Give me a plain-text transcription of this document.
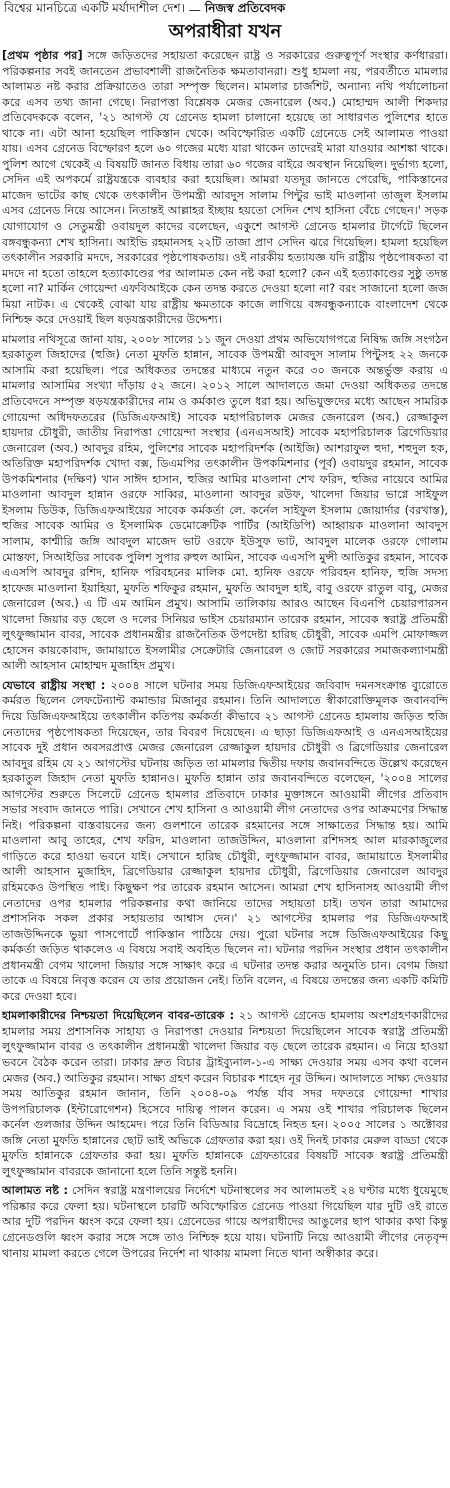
বিশ্বের মানচিত্রে একটি মর্যাদাশীল দেশ। — নিজস্ব প্রতিবেদক
অপরাধীরা যখন

[প্রথম পৃষ্ঠার পর] সঙ্গে জড়িতদের সহায়তা করেছেন রাষ্ট্র ও সরকারের গুরুত্বপূর্ণ সংস্থার কর্ণধাররা। পরিকল্পনার সবই জানতেন প্রভাবশালী রাজনৈতিক ক্ষমতাবানরা। শুধু হামলা নয়, পরবর্তীতে মামলার আলামত নষ্ট করার প্রক্রিয়াতেও তারা সম্পৃক্ত ছিলেন। মামলার চার্জশিট, অন্যান্য নথি পর্যালোচনা করে এসব তথ্য জানা গেছে। নিরাপত্তা বিশ্লেষক মেজর জেনারেল (অব.) মোহাম্মদ আলী শিকদার প্রতিবেদককে বলেন, '২১ আগস্ট যে গ্রেনেড হামলা চালানো হয়েছে তা সাধারণত পুলিশের হাতে থাকে না। এটা আনা হয়েছিল পাকিস্তান থেকে। অবিস্ফোরিত একটি গ্রেনেডে সেই আলামত পাওয়া যায়। এসব গ্রেনেড বিস্ফোরণ হলে ৬০ গজের মধ্যে যারা থাকেন তাদেরই মারা যাওয়ার আশঙ্কা থাকে। পুলিশ আগে থেকেই এ বিষয়টি জানত বিধায় তারা ৬০ গজের বাইরে অবস্থান নিয়েছিল। দুর্ভাগ্য হলো, সেদিন এই অপকর্মে রাষ্ট্রযন্ত্রকে ব্যবহার করা হয়েছিল। আমরা যতদূর জানতে পেরেছি, পাকিস্তানের মাজেদ ভাটের কাছ থেকে তৎকালীন উপমন্ত্রী আবদুস সালাম পিন্টুর ভাই মাওলানা তাজুল ইসলাম এসব গ্রেনেড নিয়ে আসেন। নিতান্তই আল্লাহর ইচ্ছায় হয়তো সেদিন শেখ হাসিনা বেঁচে গেছেন।' সড়ক যোগাযোগ ও সেতুমন্ত্রী ওবায়দুল কাদের বলেছেন, একুশে আগস্ট গ্রেনেড হামলার টার্গেটে ছিলেন বঙ্গবন্ধুকন্যা শেখ হাসিনা। আইভি রহমানসহ ২২টি তাজা প্রাণ সেদিন ঝরে গিয়েছিল। হামলা হয়েছিল তৎকালীন সরকারি মদদে, সরকারের পৃষ্ঠপোষকতায়। ওই নারকীয় হত্যাযজ্ঞ যদি রাষ্ট্রীয় পৃষ্ঠপোষকতা বা মদদে না হতো তাহলে হত্যাকাণ্ডের পর আলামত কেন নষ্ট করা হলো? কেন এই হত্যাকাণ্ডের সুষ্ঠু তদন্ত হলো না? মার্কিন গোয়েন্দা এফবিআইকে কেন তদন্ত করতে দেওয়া হলো না? বরং সাজানো হলো জজ মিয়া নাটক। এ থেকেই বোঝা যায় রাষ্ট্রীয় ক্ষমতাকে কাজে লাগিয়ে বঙ্গবন্ধুকন্যাকে বাংলাদেশ থেকে নিশ্চিহ্ন করে দেওয়াই ছিল ষড়যন্ত্রকারীদের উদ্দেশ্য।

মামলার নথিসূত্রে জানা যায়, ২০০৮ সালের ১১ জুন দেওয়া প্রথম অভিযোগপত্রে নিষিদ্ধ জঙ্গি সংগঠন হরকাতুল জিহাদের (হুজি) নেতা মুফতি হান্নান, সাবেক উপমন্ত্রী আবদুস সালাম পিন্টুসহ ২২ জনকে আসামি করা হয়েছিল। পরে অধিকতর তদন্তের মাধ্যমে নতুন করে ৩০ জনকে অন্তর্ভুক্ত করায় এ মামলার আসামির সংখ্যা দাঁড়ায় ৫২ জনে। ২০১২ সালে আদালতে জমা দেওয়া অধিকতর তদন্তে প্রতিবেদনে সম্পৃক্ত ষড়যন্ত্রকারীদের নাম ও কর্মকাণ্ড তুলে ধরা হয়। অভিযুক্তদের মধ্যে আছেন সামরিক গোয়েন্দা অধিদফতরের (ডিজিএফআই) সাবেক মহাপরিচালক মেজর জেনারেল (অব.) রেজ্জাকুল হায়দার চৌধুরী, জাতীয় নিরাপত্তা গোয়েন্দা সংস্থার (এনএসআই) সাবেক মহাপরিচালক ব্রিগেডিয়ার জেনারেল (অব.) আবদুর রহিম, পুলিশের সাবেক মহাপরিদর্শক (আইজি) আশরাফুল হুদা, শহুদুল হক, অতিরিক্ত মহাপরিদর্শক খোদা বক্স, ডিএমপির তৎকালীন উপকমিশনার (পূর্ব) ওবায়দুর রহমান, সাবেক উপকমিশনার (দক্ষিণ) খান সাঈদ হাসান, হুজির আমির মাওলানা শেখ ফরিদ, হুজির নায়েবে আমির মাওলানা আবদুল হান্নান ওরফে সাব্বির, মাওলানা আবদুর রউফ, খালেদা জিয়ার ভাগ্নে সাইফুল ইসলাম ডিউক, ডিজিএফআইয়ের সাবেক কর্মকর্তা লে. কর্নেল সাইফুল ইসলাম জোয়ার্দার (বরখাস্ত), হুজির সাবেক আমির ও ইসলামিক ডেমোক্রেটিক পার্টির (আইডিপি) আহ্বায়ক মাওলানা আবদুস সালাম, কাশ্মীরি জঙ্গি আবদুল মাজেদ ভাট ওরফে ইউসুফ ভাট, আবদুল মালেক ওরফে গোলাম মোস্তফা, সিআইডির সাবেক পুলিশ সুপার রুহুল আমিন, সাবেক এএসপি মুন্সী আতিকুর রহমান, সাবেক এএসপি আবদুর রশিদ, হানিফ পরিবহনের মালিক মো. হানিফ ওরফে পরিবহন হানিফ, হুজি সদস্য হাফেজ মাওলানা ইয়াহিয়া, মুফতি শফিকুর রহমান, মুফতি আবদুল হাই, বাবু ওরফে রাতুল বাবু, মেজর জেনারেল (অব.) এ টি এম আমিন প্রমুখ। আসামি তালিকায় আরও আছেন বিএনপি চেয়ারপারসন খালেদা জিয়ার বড় ছেলে ও দলের সিনিয়র ভাইস চেয়ারম্যান তারেক রহমান, সাবেক স্বরাষ্ট্র প্রতিমন্ত্রী লুৎফুজ্জামান বাবর, সাবেক প্রধানমন্ত্রীর রাজনৈতিক উপদেষ্টা হারিছ চৌধুরী, সাবেক এমপি মোফাজ্জল হোসেন কায়কোবাদ, জামায়াতে ইসলামীর সেক্রেটারি জেনারেল ও জোট সরকারের সমাজকল্যাণমন্ত্রী আলী আহসান মোহাম্মদ মুজাহিদ প্রমুখ।

যেভাবে রাষ্ট্রীয় সংস্থা : ২০০৪ সালে ঘটনার সময় ডিজিএফআইয়ের জবিবাদ দমনসংক্রান্ত ব্যুরোতে কর্মরত ছিলেন লেফটেন্যান্ট কমান্ডার মিজানুর রহমান। তিনি আদালতে স্বীকারোক্তিমূলক জবানবন্দি দিয়ে ডিজিএফআইয়ে তৎকালীন কতিপয় কর্মকর্তা কীভাবে ২১ আগস্ট গ্রেনেড হামলায় জড়িত হুজি নেতাদের পৃষ্ঠপোষকতা দিয়েছেন, তার বিবরণ দিয়েছেন। এ ছাড়া ডিজিএফআই ও এনএসআইয়ের সাবেক দুই প্রধান অবসরপ্রাপ্ত মেজর জেনারেল রেজ্জাকুল হায়দার চৌধুরী ও ব্রিগেডিয়ার জেনারেল আবদুর রহিম যে ২১ আগস্টের ঘটনায় জড়িত তা মামলার দ্বিতীয় দফায় জবানবন্দিতে উল্লেখ করেছেন হরকাতুল জিহাদ নেতা মুফতি হান্নানও। মুফতি হান্নান তার জবানবন্দিতে বলেছেন, '২০০৪ সালের আগস্টের শুরুতে সিলেটে গ্রেনেড হামলার প্রতিবাদে ঢাকার মুক্তাঙ্গনে আওয়ামী লীগের প্রতিবাদ সভার সংবাদ জানতে পারি। সেখানে শেখ হাসিনা ও আওয়ামী লীগ নেতাদের ওপর আক্রমণের সিদ্ধান্ত নিই। পরিকল্পনা বাস্তবায়নের জন্য গুলশানে তারেক রহমানের সঙ্গে সাক্ষাতের সিদ্ধান্ত হয়। আমি মাওলানা আবু তাহের, শেখ ফরিদ, মাওলানা তাজউদ্দিন, মাওলানা রশিদসহ আল মারকাজুলের গাড়িতে করে হাওয়া ভবনে যাই। সেখানে হারিছ চৌধুরী, লুৎফুজ্জামান বাবর, জামায়াতে ইসলামীর আলী আহসান মুজাহিদ, ব্রিগেডিয়ার রেজ্জাকুল হায়দার চৌধুরী, ব্রিগেডিয়ার জেনারেল আবদুর রহিমকেও উপস্থিত পাই। কিছুক্ষণ পর তারেক রহমান আসেন। আমরা শেখ হাসিনাসহ আওয়ামী লীগ নেতাদের ওপর হামলার পরিকল্পনার কথা জানিয়ে তাদের সহায়তা চাই। তখন তারা আমাদের প্রশাসনিক সকল প্রকার সহায়তার আশ্বাস দেন।' ২১ আগস্টের হামলার পর ডিজিএফআই তাজউদ্দিনকে ভুয়া পাসপোর্টে পাকিস্তান পাঠিয়ে দেয়। পুরো ঘটনার সঙ্গে ডিজিএফআইয়ের কিছু কর্মকর্তা জড়িত থাকলেও এ বিষয়ে সবাই অবহিত ছিলেন না। ঘটনার পরদিন সংস্থার প্রধান তৎকালীন প্রধানমন্ত্রী বেগম খালেদা জিয়ার সঙ্গে সাক্ষাৎ করে এ ঘটনার তদন্ত করার অনুমতি চান। বেগম জিয়া তাকে এ বিষয়ে নিবৃত্ত করেন যে তার প্রয়োজন নেই। তিনি বলেন, এ বিষয়ে তদন্তের জন্য একটি কমিটি করে দেওয়া হবে।

হামলাকারীদের নিশ্চয়তা দিয়েছিলেন বাবর-তারেক : ২১ আগস্ট গ্রেনেড হামলায় অংশগ্রহণকারীদের হামলার সময় প্রশাসনিক সাহায্য ও নিরাপত্তা দেওয়ার নিশ্চয়তা দিয়েছিলেন সাবেক স্বরাষ্ট্র প্রতিমন্ত্রী লুৎফুজ্জামান বাবর ও তৎকালীন প্রধানমন্ত্রী খালেদা জিয়ার বড় ছেলে তারেক রহমান। এ নিয়ে হাওয়া ভবনে বৈঠক করেন তারা। ঢাকার দ্রুত বিচার ট্রাইব্যুনাল-১-এ সাক্ষ্য দেওয়ার সময় এসব কথা বলেন মেজর (অব.) আতিকুর রহমান। সাক্ষ্য গ্রহণ করেন বিচারক শাহেদ নূর উদ্দিন। আদালতে সাক্ষ্য দেওয়ার সময় আতিকুর রহমান জানান, তিনি ২০০৪-০৯ পর্যন্ত র্যাব সদর দফতরে গোয়েন্দা শাখার উপপরিচালক (ইন্টারোগেশন) হিসেবে দায়িত্ব পালন করেন। এ সময় ওই শাখার পরিচালক ছিলেন কর্নেল গুলজার উদ্দিন আহমেদ। পরে তিনি বিডিআর বিদ্রোহে নিহত হন। ২০০৫ সালের ১ অক্টোবর জঙ্গি নেতা মুফতি হান্নানের ছোট ভাই অভিকে গ্রেফতার করা হয়। ওই দিনই ঢাকার মেরুল বাড্ডা থেকে মুফতি হান্নানকে গ্রেফতার করা হয়। মুফতি হান্নানকে গ্রেফতারের বিষয়টি সাবেক স্বরাষ্ট্র প্রতিমন্ত্রী লুৎফুজ্জামান বাবরকে জানানো হলে তিনি সন্তুষ্ট হননি।

আলামত নষ্ট : সেদিন স্বরাষ্ট্র মন্ত্রণালয়ের নির্দেশে ঘটনাস্থলের সব আলামতই ২৪ ঘণ্টার মধ্যে ধুয়েমুছে পরিষ্কার করে ফেলা হয়। ঘটনাস্থলে চারটি অবিস্ফোরিত গ্রেনেড পাওয়া গিয়েছিল যার দুটি ওই রাতে আর দুটি পরদিন ধ্বংস করে ফেলা হয়। গ্রেনেডের গায়ে অপরাধীদের আঙুলের ছাপ থাকার কথা কিন্তু গ্রেনেডগুলি ধ্বংস করার সঙ্গে সঙ্গে তাও নিশ্চিহ্ন হয়ে যায়। ঘটনাটি নিয়ে আওয়ামী লীগের নেতৃবৃন্দ থানায় মামলা করতে গেলে উপরের নির্দেশ না থাকায় মামলা নিতে থানা অস্বীকার করে।
